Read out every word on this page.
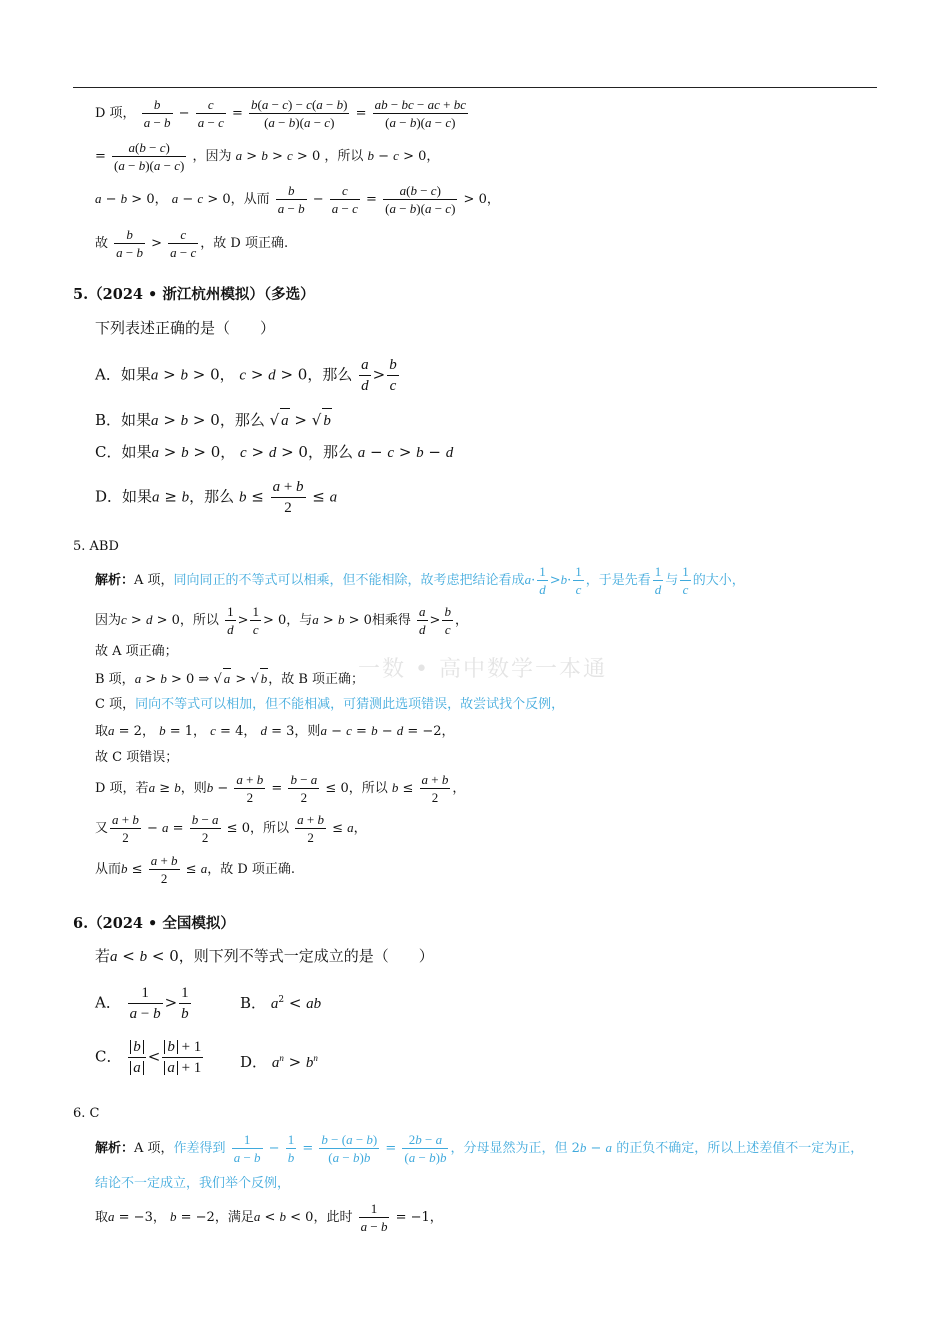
一数 • 高中数学一本通
D 项， $\frac{b}{a - b} - \frac{c}{a - c} = \frac{b(a - c) - c(a - b)}{(a - b)(a - c)} = \frac{ab - bc - ac + bc}{(a - b)(a - c)}$
= $\frac{a(b - c)}{(a - b)(a - c)}$ ，因为 a > b > c > 0 ，所以 b − c > 0，
a − b > 0， a − c > 0，从而 $\frac{b}{a - b} - \frac{c}{a - c} = \frac{a(b - c)}{(a - b)(a - c)} > 0$，
故 $\frac{b}{a - b} > \frac{c}{a - c}$ ，故 D 项正确.
5.（2024 • 浙江杭州模拟）（多选）
下列表述正确的是（　　）
A．如果a > b > 0， c > d > 0，那么 $\frac{a}{d} > \frac{b}{c}$
B．如果a > b > 0，那么 √ a > √ b
C．如果a > b > 0， c > d > 0，那么 a − c > b − d
D．如果a ≥ b，那么 $b \le \frac{a + b}{2} \le a$
5. ABD
解析：A 项，同向同正的不等式可以相乘，但不能相除，故考虑把结论看成$a\cdot \frac{1}{d} >b\cdot \frac{1}{c}$ ，于是先看 $\frac{1}{d}$ 与 $\frac{1}{c}$ 的大小，
因为c > d > 0，所以 $\frac{1}{d} > \frac{1}{c} > 0$，与a > b > 0相乘得 $\frac{a}{d} > \frac{b}{c}$ ，
故 A 项正确；
B 项，a > b > 0 ⇒ √ a > √ b，故 B 项正确；
C 项，同向不等式可以相加，但不能相减，可猜测此选项错误，故尝试找个反例，
取a = 2， b = 1， c = 4， d = 3，则a − c = b − d = −2，
故 C 项错误；
D 项，若a ≥ b，则$b - \frac{a + b}{2} = \frac{b - a}{2} \le 0$，所以 $b \le \frac{a + b}{2}$ ，
又 $\frac{a + b}{2} - a = \frac{b - a}{2} \le 0$，所以 $\frac{a + b}{2} \le a$，
从而$b \le \frac{a + b}{2} \le a$，故 D 项正确.
6.（2024 • 全国模拟）
若a < b < 0，则下列不等式一定成立的是（　　）
A． $\frac{1}{a - b} > \frac{1}{b}$	B． $a^2$ < ab
C． $\frac{b}{a} < \frac{b + 1}{a + 1}$ D． $a^n > b^n$
6. C
解析：A 项，作差得到 $\frac{1}{a - b} - \frac{1}{b} = \frac{b - (a - b)}{(a - b)b} = \frac{2b - a}{(a - b)b}$ ，分母显然为正，但 2b − a 的正负不确定，所以上述差值不一定为正，
结论不一定成立，我们举个反例，
取a = −3， b = −2，满足a < b < 0，此时 $\frac{1}{a - b} = -1$，
